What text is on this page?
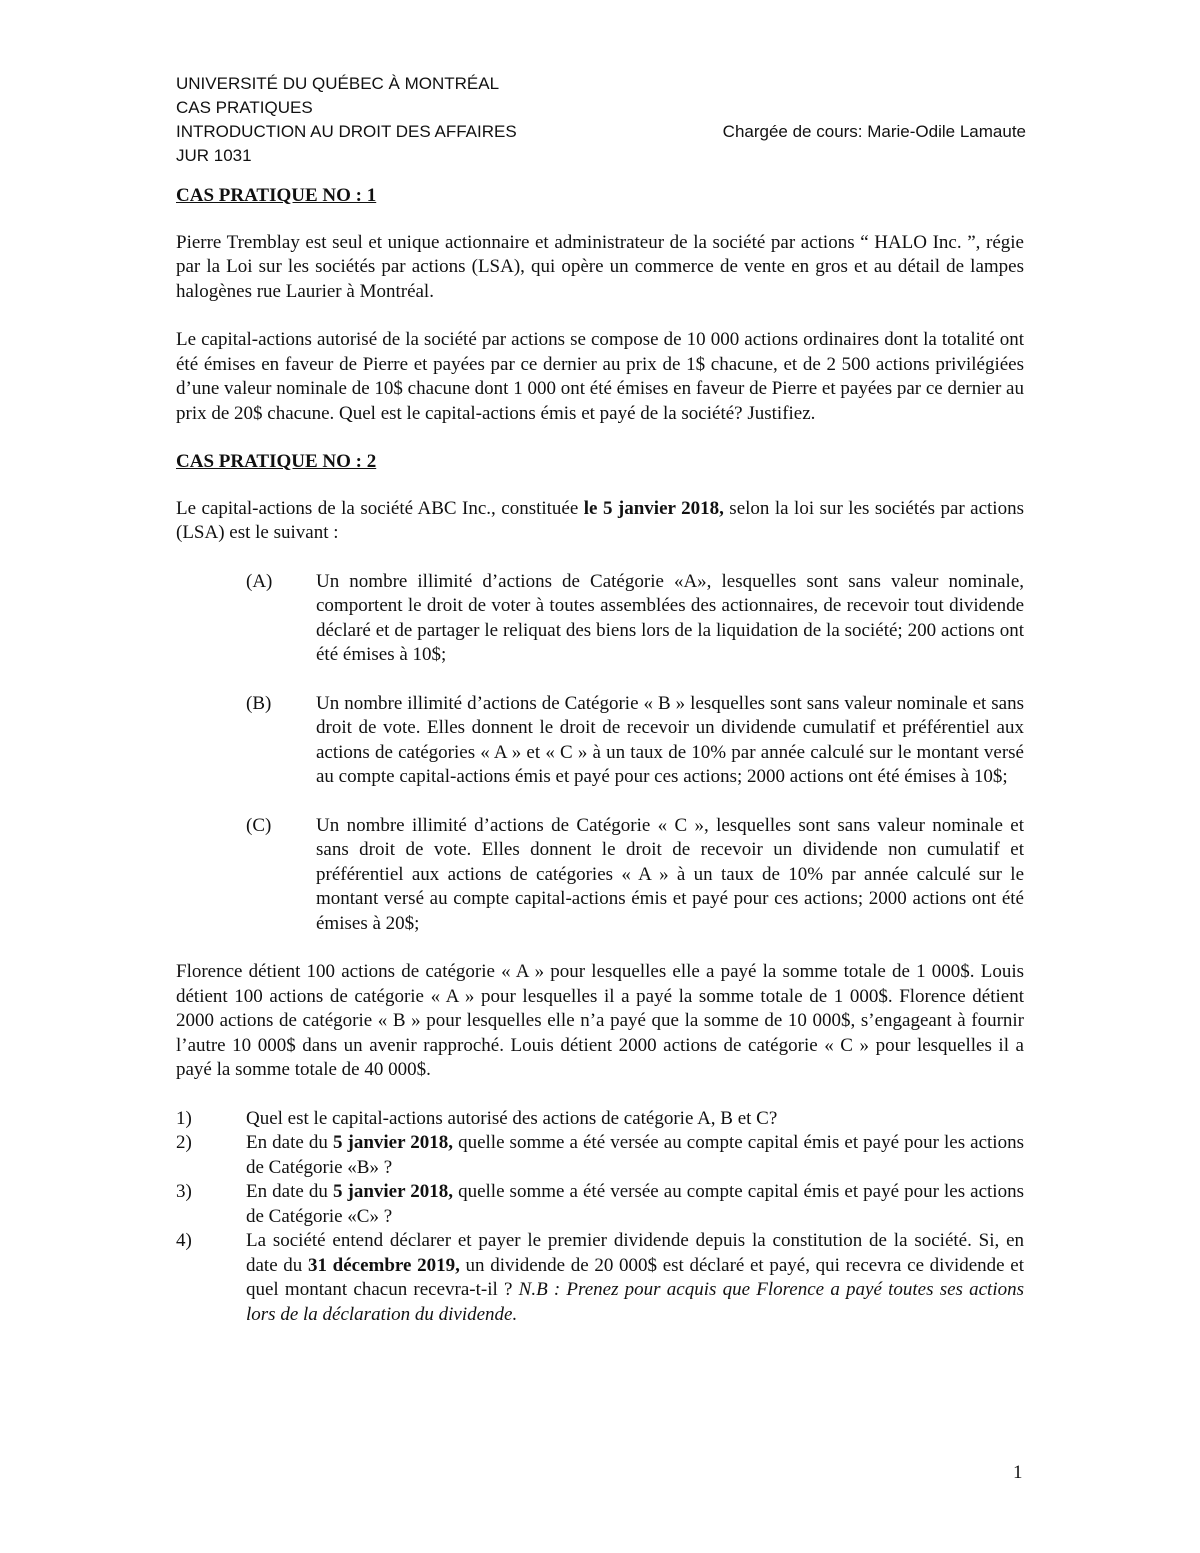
UNIVERSITÉ DU QUÉBEC À MONTRÉAL
CAS PRATIQUES
INTRODUCTION AU DROIT DES AFFAIRES	Chargée de cours: Marie-Odile Lamaute
JUR 1031
CAS PRATIQUE NO : 1

Pierre Tremblay est seul et unique actionnaire et administrateur de la société par actions “ HALO Inc. ”, régie par la Loi sur les sociétés par actions (LSA), qui opère un commerce de vente en gros et au détail de lampes halogènes rue Laurier à Montréal.

Le capital-actions autorisé de la société par actions se compose de 10 000 actions ordinaires dont la totalité ont été émises en faveur de Pierre et payées par ce dernier au prix de 1$ chacune, et de 2 500 actions privilégiées d’une valeur nominale de 10$ chacune dont 1 000 ont été émises en faveur de Pierre et payées par ce dernier au prix de 20$ chacune. Quel est le capital-actions émis et payé de la société? Justifiez.

CAS PRATIQUE NO : 2

Le capital-actions de la société ABC Inc., constituée le 5 janvier 2018, selon la loi sur les sociétés par actions (LSA) est le suivant :

(A)	Un nombre illimité d’actions de Catégorie «A», lesquelles sont sans valeur nominale, comportent le droit de voter à toutes assemblées des actionnaires, de recevoir tout dividende déclaré et de partager le reliquat des biens lors de la liquidation de la société; 200 actions ont été émises à 10$;
(B)	Un nombre illimité d’actions de Catégorie « B » lesquelles sont sans valeur nominale et sans droit de vote. Elles donnent le droit de recevoir un dividende cumulatif et préférentiel aux actions de catégories « A » et « C » à un taux de 10% par année calculé sur le montant versé au compte capital-actions émis et payé pour ces actions; 2000 actions ont été émises à 10$;
(C)	Un nombre illimité d’actions de Catégorie « C », lesquelles sont sans valeur nominale et sans droit de vote. Elles donnent le droit de recevoir un dividende non cumulatif et préférentiel aux actions de catégories « A » à un taux de 10% par année calculé sur le montant versé au compte capital-actions émis et payé pour ces actions; 2000 actions ont été émises à 20$;

Florence détient 100 actions de catégorie « A » pour lesquelles elle a payé la somme totale de 1 000$. Louis détient 100 actions de catégorie « A » pour lesquelles il a payé la somme totale de 1 000$. Florence détient 2000 actions de catégorie « B » pour lesquelles elle n’a payé que la somme de 10 000$, s’engageant à fournir l’autre 10 000$ dans un avenir rapproché. Louis détient 2000 actions de catégorie « C » pour lesquelles il a payé la somme totale de 40 000$.

1)	Quel est le capital-actions autorisé des actions de catégorie A, B et C?
2)	En date du 5 janvier 2018, quelle somme a été versée au compte capital émis et payé pour les actions de Catégorie «B» ?
3)	En date du 5 janvier 2018, quelle somme a été versée au compte capital émis et payé pour les actions de Catégorie «C» ?
4)	La société entend déclarer et payer le premier dividende depuis la constitution de la société. Si, en date du 31 décembre 2019, un dividende de 20 000$ est déclaré et payé, qui recevra ce dividende et quel montant chacun recevra-t-il ? N.B : Prenez pour acquis que Florence a payé toutes ses actions lors de la déclaration du dividende.
1
